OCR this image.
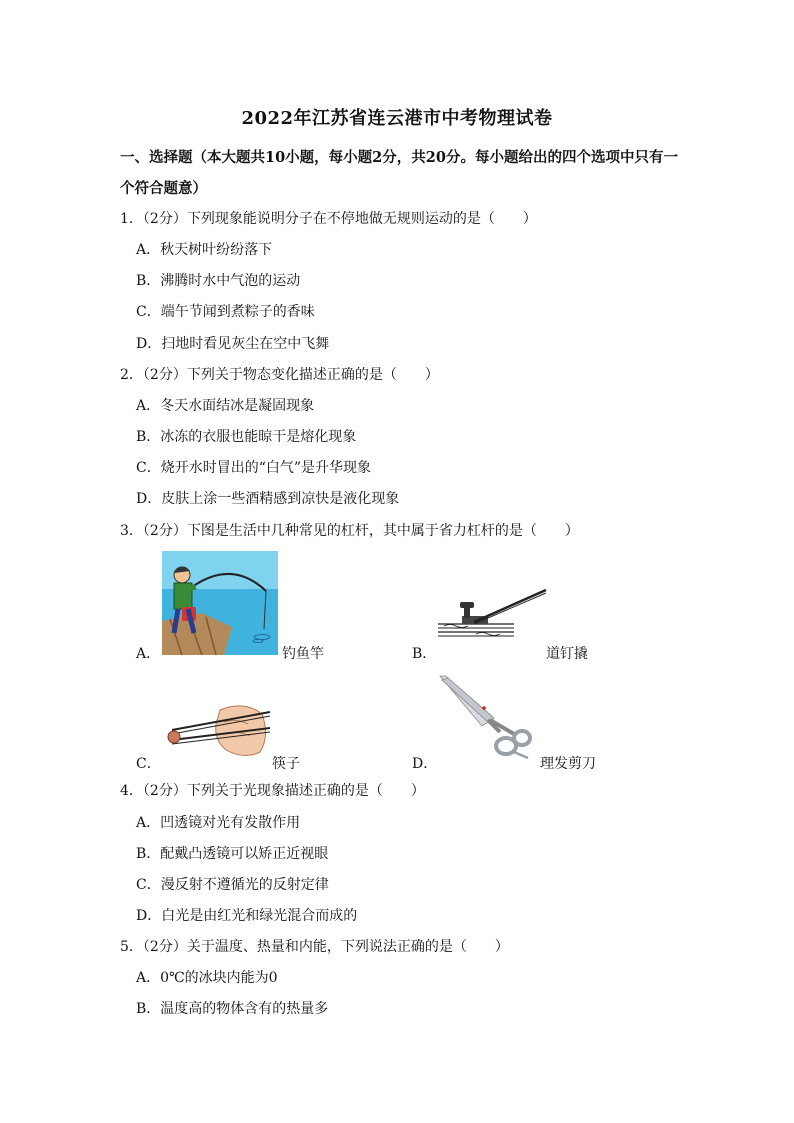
2022年江苏省连云港市中考物理试卷
一、选择题（本大题共10小题，每小题2分，共20分。每小题给出的四个选项中只有一
个符合题意）
1．（2分）下列现象能说明分子在不停地做无规则运动的是（　　）
A．秋天树叶纷纷落下
B．沸腾时水中气泡的运动
C．端午节闻到煮粽子的香味
D．扫地时看见灰尘在空中飞舞
2．（2分）下列关于物态变化描述正确的是（　　）
A．冬天水面结冰是凝固现象
B．冰冻的衣服也能晾干是熔化现象
C．烧开水时冒出的“白气”是升华现象
D．皮肤上涂一些酒精感到凉快是液化现象
3．（2分）下图是生活中几种常见的杠杆，其中属于省力杠杆的是（　　）
A．	钓鱼竿	B．	道钉撬
C．	筷子	D．	理发剪刀
4．（2分）下列关于光现象描述正确的是（　　）
A．凹透镜对光有发散作用
B．配戴凸透镜可以矫正近视眼
C．漫反射不遵循光的反射定律
D．白光是由红光和绿光混合而成的
5．（2分）关于温度、热量和内能，下列说法正确的是（　　）
A．0℃的冰块内能为0
B．温度高的物体含有的热量多
